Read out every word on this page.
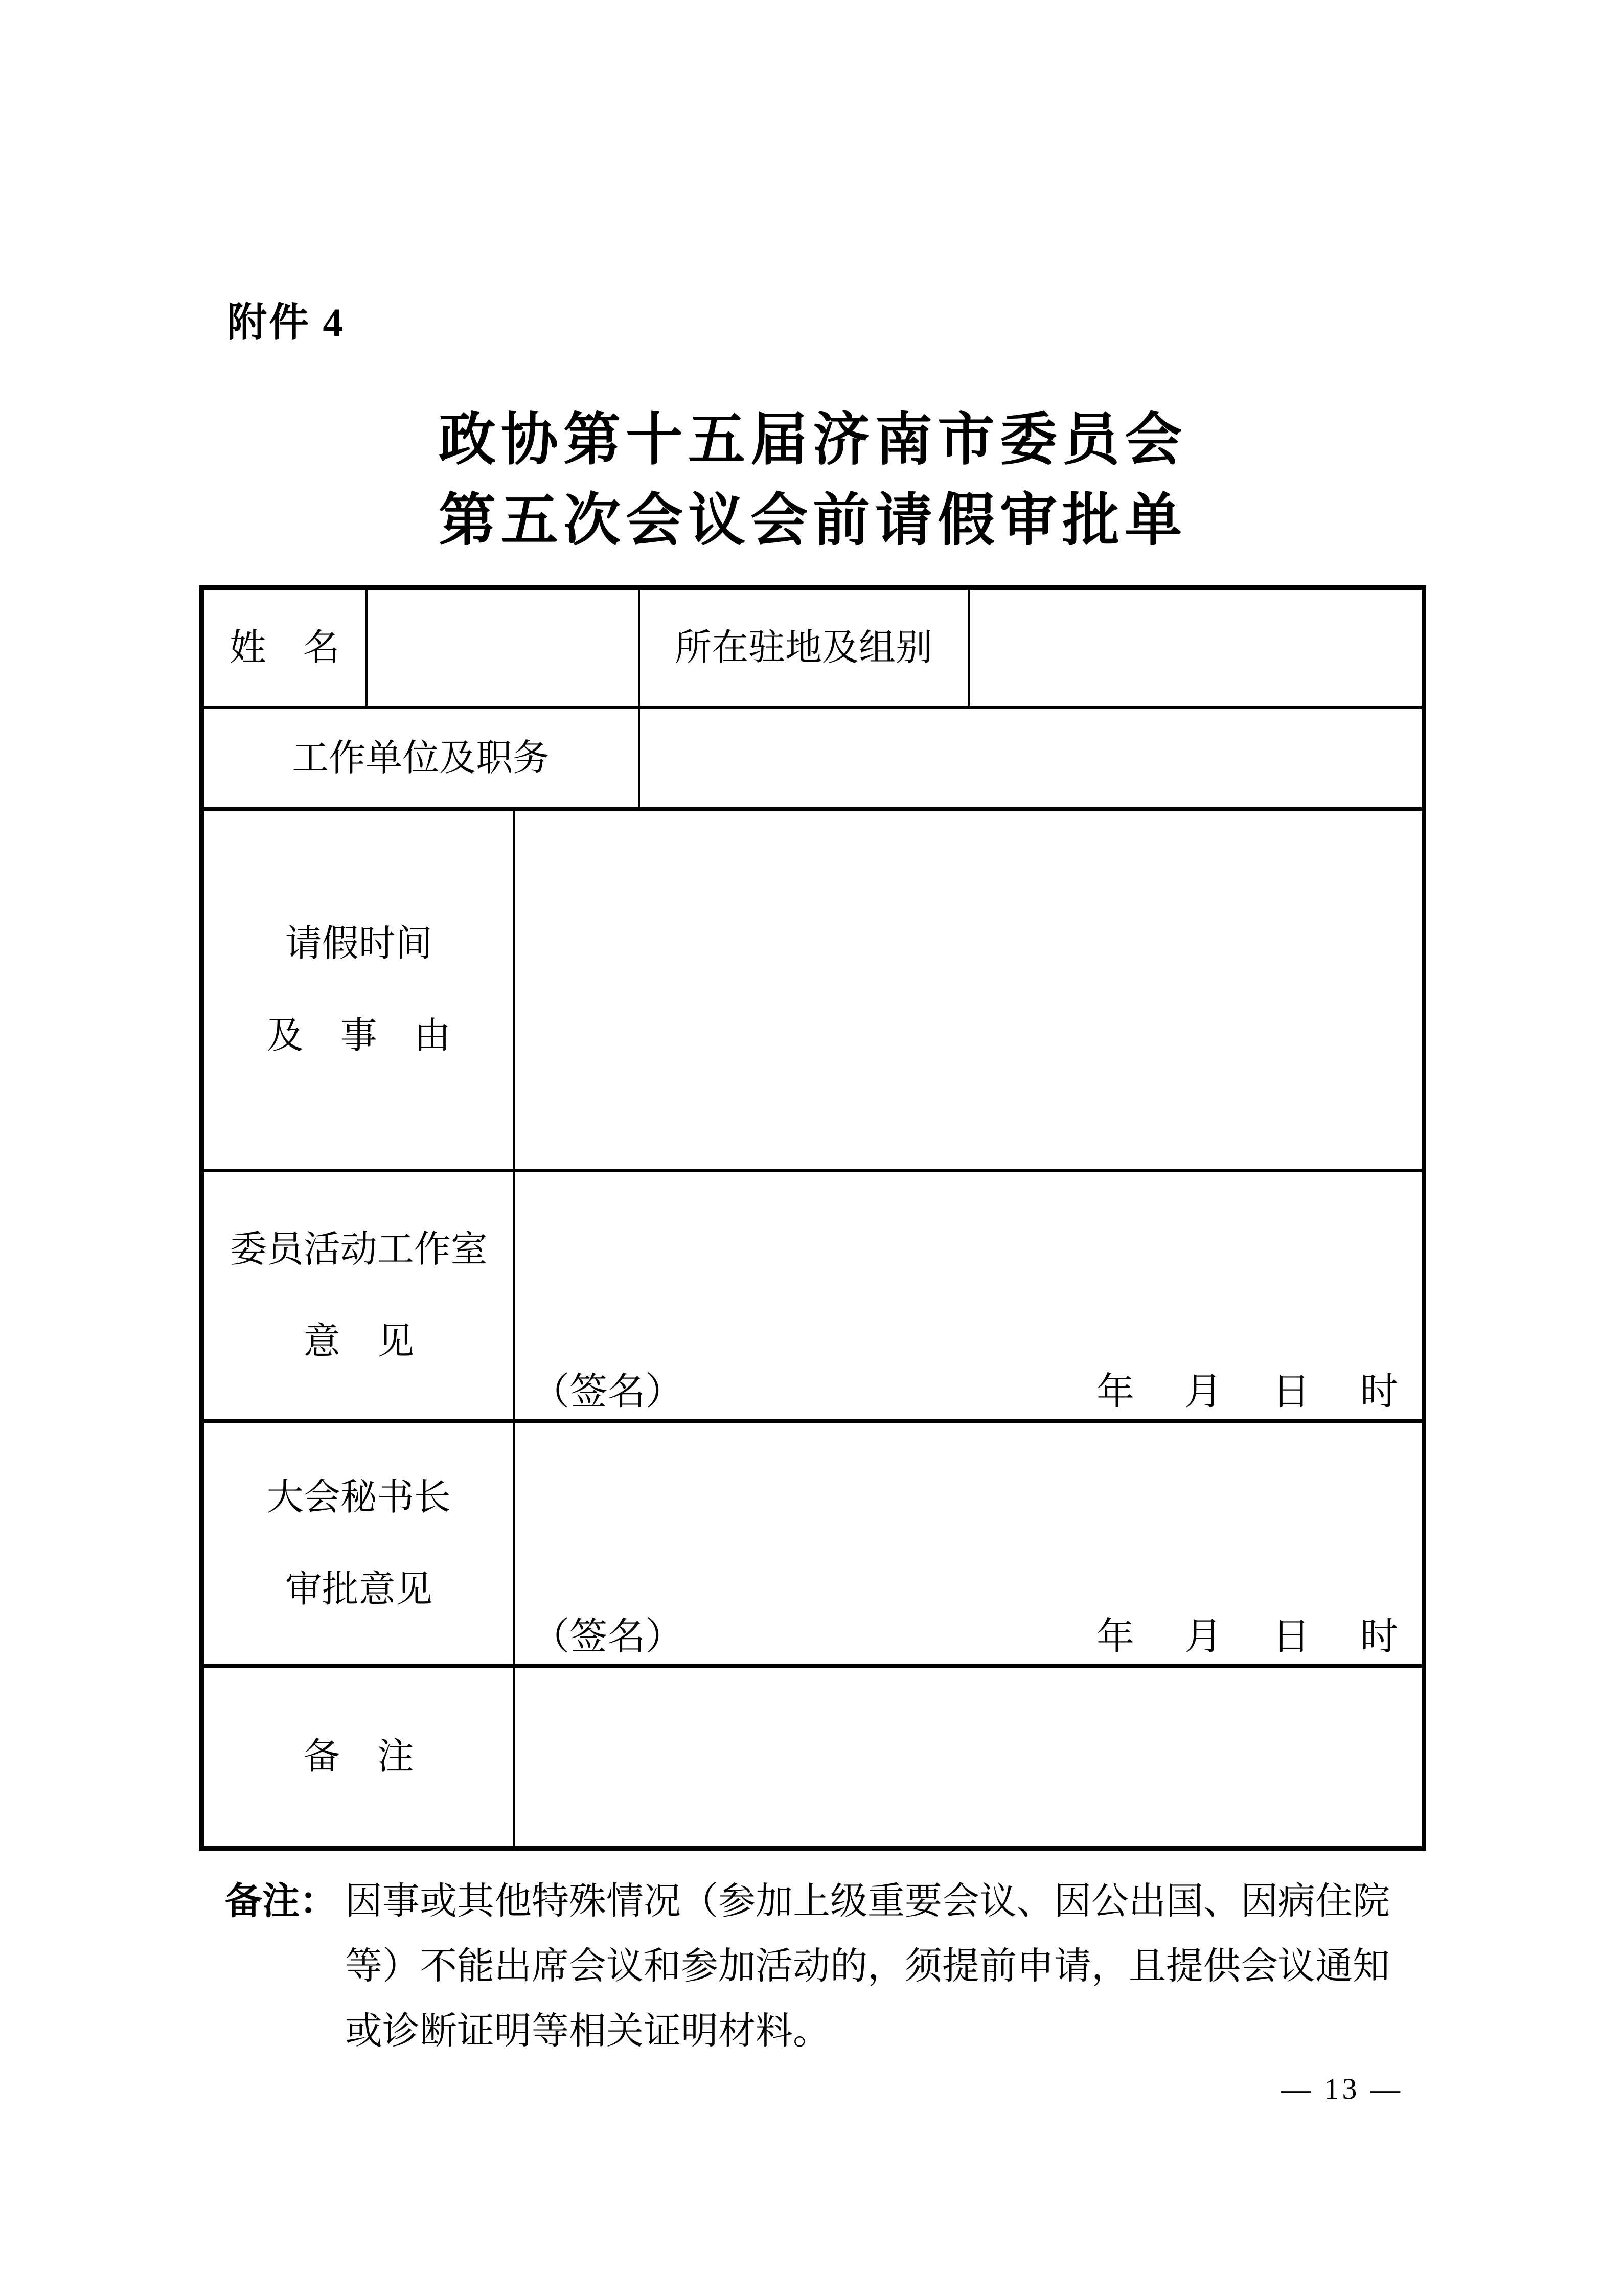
附件 4
政协第十五届济南市委员会
第五次会议会前请假审批单
姓　名	所在驻地及组别
工作单位及职务
请假时间
及　事　由
委员活动工作室
意　见
（签名）	年　月　日　时
大会秘书长
审批意见
（签名）	年　月　日　时
备　注
备注： 因事或其他特殊情况（参加上级重要会议、因公出国、因病住院
等）不能出席会议和参加活动的，须提前申请，且提供会议通知
或诊断证明等相关证明材料。
— 13 —
